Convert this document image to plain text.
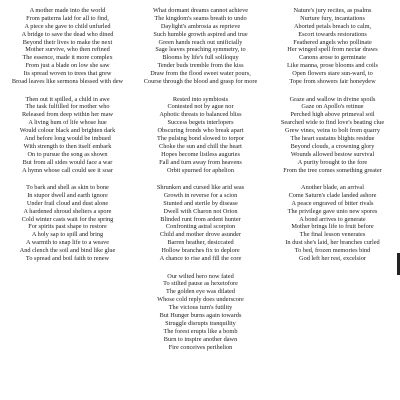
A mother made into the world
From patterns laid for all to find,
A piece she gave to child unfurled
A bridge to save the dead who dined
Beyond their lives to make the next
Mother survive, who then refined
The essence, made it more complex
From just a blade on low she saw
Its spread woven to trees that grew
Broad leaves like sermons blessed with dew
Then out it spilled, a child in awe
The task fulfilled for mother who
Released from deep within her maw
A living hum of life whose hue
Would colour black and brighten dark
And before long would be imbued
With strength to then itself embark
On to pursue the song as shown
But from all sides would face a war
A hymn whose call could see it soar
To bark and shell as skin to bone
In stupor dwell and earth ignore
Under frail cloud and dust alone
A hardened shroud shelters a spore
Cold winter casts wait for the spring
For spirits past shape to restore
A holy sap to spill and bring
A warmth to snap life to a weave
And clench the soil and bind like glue
To spread and boil faith to renew
What dormant dreams cannot achieve
The kingdom's seams breath to undo
Daylight's ambrosia as reprieve
Such humble growth aspired and true
Green hands reach out unificially
Sage leaves preaching symmetry, to
Blooms by life's full soliloquy
Tender buds tremble from the kiss
Draw from the flood sweet water pours,
Course through the blood and grasp for more
Rested into symbiosis
Contested not by ague nor
Aphotic threats to balanced bliss
Success begets interlopers
Obscuring fronds who break apart
The pulsing bond slowed to torpor
Choke the sun and chill the heart
Hopes become listless auguries
Fall and turn away from heavens
Orbit spurned for aphelion
Shrunken and cursed like arid seas
Growth in reverse for a scion
Stunted and sterile by disease
Dwell with Charon not Orion
Blinded runt from ardent hunter
Confronting astral scorpion
Child and mother drove asunder
Barren heather, desiccated
Hollow branches fix to deplore
A chance to rise and fill the core
Our wilted hero now fated
To stilted pause as hexetofore
The golden eye was dilated
Whose cold reply does underscore
The vicious turn's futility
But Hunger burns again towards
Struggle disrupts tranquility
The forest erupts like a bomb
Burn to inspire another dawn
Fire conceives perihelion
Nature's jury recites, as psalms
Nurture fury, incantations
Aborted petals breach to calm,
Escort towards restorations
Feathered angels who pollinate
Her winged spell from nectar draws
Canons arose to germinate
Like manna, prose blooms and coils
Open flowers stare sun-ward, to
Tope from showers fair honeydew
Graze and wallow in divine spoils
Gaze on Apollo's retinue
Perched high above primeval soil
Searched wide to find love's beating clue
Grew vines, veins to bolt from quarry
The heart sustains blights residue
Beyond clouds, a crowning glory
Wounds allowed bestow survival
A purity brought to the fore
From the tree comes something greater
Another blade, an arrival
Come Saturn's clade landed ashore
A peace engraved of bitter rivals
The privilege gave unto new spores
A bond arrives to generate
Mother brings life to fruit before
The final lesson venerates
In dust she's laid, her branches curled
To bed, frozen memories bind
God left her rest, excelsior
